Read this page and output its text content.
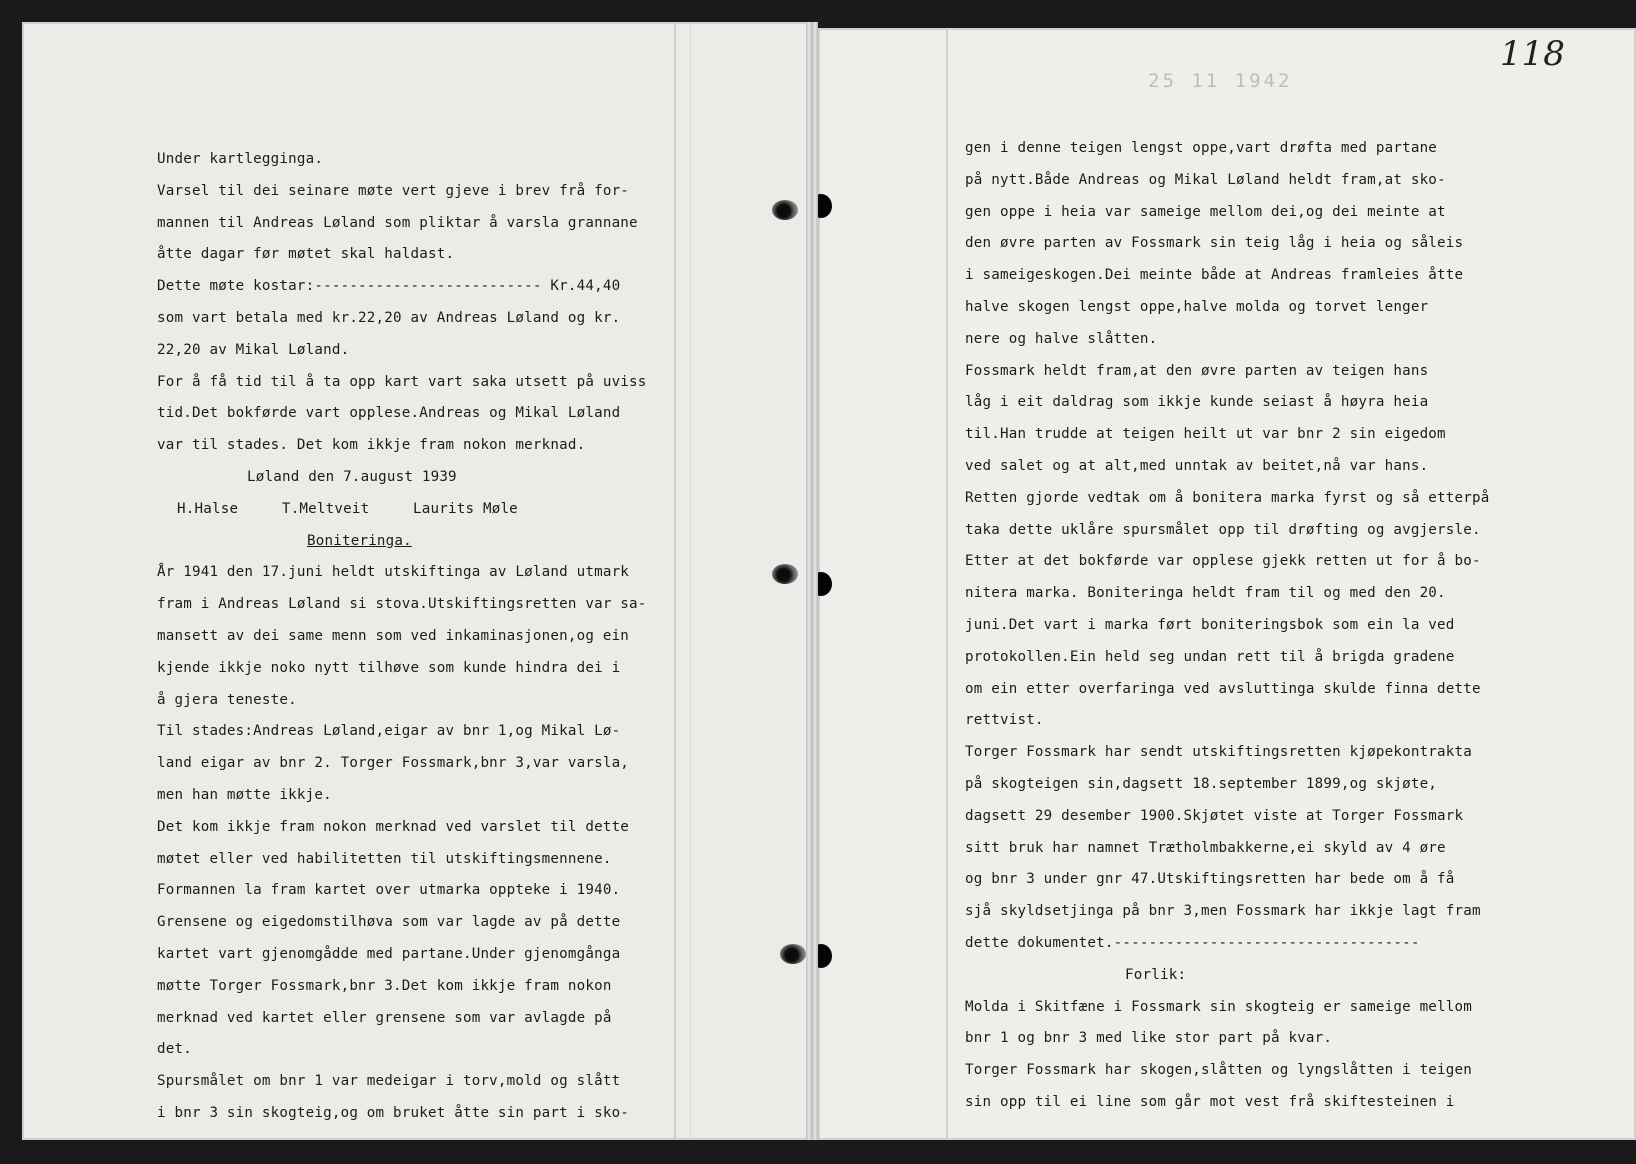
Under kartlegginga.
Varsel til dei seinare møte vert gjeve i brev frå for-
mannen til Andreas Løland som pliktar å varsla grannane
åtte dagar før møtet skal haldast.
Dette møte kostar:-------------------------- Kr.44,40
som vart betala med kr.22,20 av Andreas Løland og kr.
22,20 av Mikal Løland.
For å få tid til å ta opp kart vart saka utsett på uviss
tid.Det bokførde vart opplese.Andreas og Mikal Løland
var til stades. Det kom ikkje fram nokon merknad.
Løland den 7.august 1939
H.Halse     T.Meltveit     Laurits Møle
Boniteringa.
År 1941 den 17.juni heldt utskiftinga av Løland utmark
fram i Andreas Løland si stova.Utskiftingsretten var sa-
mansett av dei same menn som ved inkaminasjonen,og ein
kjende ikkje noko nytt tilhøve som kunde hindra dei i
å gjera teneste.
Til stades:Andreas Løland,eigar av bnr 1,og Mikal Lø-
land eigar av bnr 2. Torger Fossmark,bnr 3,var varsla,
men han møtte ikkje.
Det kom ikkje fram nokon merknad ved varslet til dette
møtet eller ved habilitetten til utskiftingsmennene.
Formannen la fram kartet over utmarka oppteke i 1940.
Grensene og eigedomstilhøva som var lagde av på dette
kartet vart gjenomgådde med partane.Under gjenomgånga
møtte Torger Fossmark,bnr 3.Det kom ikkje fram nokon
merknad ved kartet eller grensene som var avlagde på
det.
Spursmålet om bnr 1 var medeigar i torv,mold og slått
i bnr 3 sin skogteig,og om bruket åtte sin part i sko-
25 11 1942
118
gen i denne teigen lengst oppe,vart drøfta med partane
på nytt.Både Andreas og Mikal Løland heldt fram,at sko-
gen oppe i heia var sameige mellom dei,og dei meinte at
den øvre parten av Fossmark sin teig låg i heia og såleis
i sameigeskogen.Dei meinte både at Andreas framleies åtte
halve skogen lengst oppe,halve molda og torvet lenger
nere og halve slåtten.
Fossmark heldt fram,at den øvre parten av teigen hans
låg i eit daldrag som ikkje kunde seiast å høyra heia
til.Han trudde at teigen heilt ut var bnr 2 sin eigedom
ved salet og at alt,med unntak av beitet,nå var hans.
Retten gjorde vedtak om å bonitera marka fyrst og så etterpå
taka dette uklåre spursmålet opp til drøfting og avgjersle.
Etter at det bokførde var opplese gjekk retten ut for å bo-
nitera marka. Boniteringa heldt fram til og med den 20.
juni.Det vart i marka ført boniteringsbok som ein la ved
protokollen.Ein held seg undan rett til å brigda gradene
om ein etter overfaringa ved avsluttinga skulde finna dette
rettvist.
Torger Fossmark har sendt utskiftingsretten kjøpekontrakta
på skogteigen sin,dagsett 18.september 1899,og skjøte,
dagsett 29 desember 1900.Skjøtet viste at Torger Fossmark
sitt bruk har namnet Trætholmbakkerne,ei skyld av 4 øre
og bnr 3 under gnr 47.Utskiftingsretten har bede om å få
sjå skyldsetjinga på bnr 3,men Fossmark har ikkje lagt fram
dette dokumentet.-----------------------------------
Forlik:
Molda i Skitfæne i Fossmark sin skogteig er sameige mellom
bnr 1 og bnr 3 med like stor part på kvar.
Torger Fossmark har skogen,slåtten og lyngslåtten i teigen
sin opp til ei line som går mot vest frå skiftesteinen i
